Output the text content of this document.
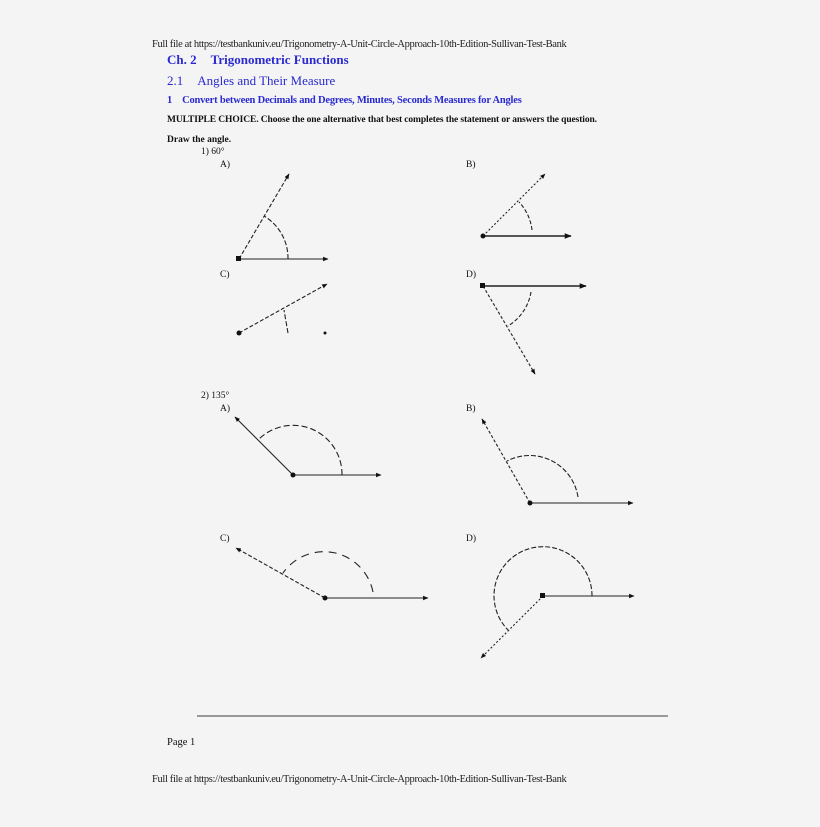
Full file at https://testbankuniv.eu/Trigonometry-A-Unit-Circle-Approach-10th-Edition-Sullivan-Test-Bank
Ch. 2 Trigonometric Functions
2.1 Angles and Their Measure
1 Convert between Decimals and Degrees, Minutes, Seconds Measures for Angles
MULTIPLE CHOICE. Choose the one alternative that best completes the statement or answers the question.
Draw the angle.
1) 60°
A)	B)
C)	D)
2) 135°
A)	B)
C)	D)
Page 1
Full file at https://testbankuniv.eu/Trigonometry-A-Unit-Circle-Approach-10th-Edition-Sullivan-Test-Bank
